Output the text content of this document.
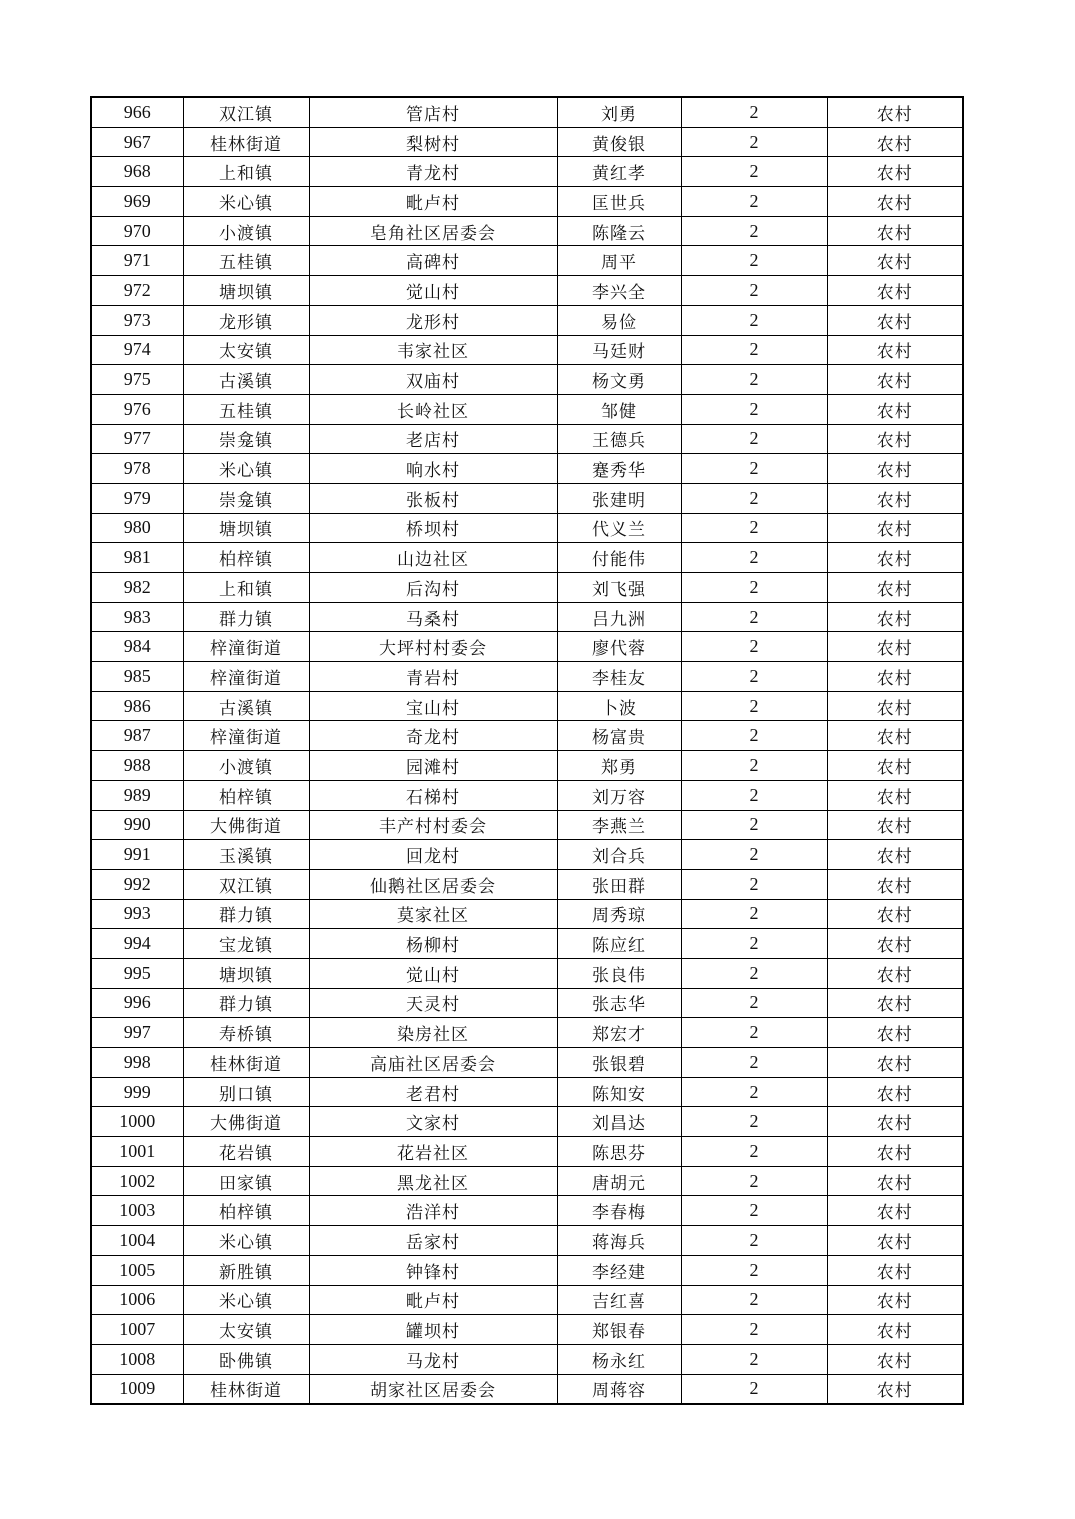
966	双江镇	管店村	刘勇	2	农村
967	桂林街道	梨树村	黄俊银	2	农村
968	上和镇	青龙村	黄红孝	2	农村
969	米心镇	毗卢村	匡世兵	2	农村
970	小渡镇	皂角社区居委会	陈隆云	2	农村
971	五桂镇	高碑村	周平	2	农村
972	塘坝镇	觉山村	李兴全	2	农村
973	龙形镇	龙形村	易俭	2	农村
974	太安镇	韦家社区	马廷财	2	农村
975	古溪镇	双庙村	杨文勇	2	农村
976	五桂镇	长岭社区	邹健	2	农村
977	崇龛镇	老店村	王德兵	2	农村
978	米心镇	响水村	蹇秀华	2	农村
979	崇龛镇	张板村	张建明	2	农村
980	塘坝镇	桥坝村	代义兰	2	农村
981	柏梓镇	山边社区	付能伟	2	农村
982	上和镇	后沟村	刘飞强	2	农村
983	群力镇	马桑村	吕九洲	2	农村
984	梓潼街道	大坪村村委会	廖代蓉	2	农村
985	梓潼街道	青岩村	李桂友	2	农村
986	古溪镇	宝山村	卜波	2	农村
987	梓潼街道	奇龙村	杨富贵	2	农村
988	小渡镇	园滩村	郑勇	2	农村
989	柏梓镇	石梯村	刘万容	2	农村
990	大佛街道	丰产村村委会	李燕兰	2	农村
991	玉溪镇	回龙村	刘合兵	2	农村
992	双江镇	仙鹅社区居委会	张田群	2	农村
993	群力镇	莫家社区	周秀琼	2	农村
994	宝龙镇	杨柳村	陈应红	2	农村
995	塘坝镇	觉山村	张良伟	2	农村
996	群力镇	天灵村	张志华	2	农村
997	寿桥镇	染房社区	郑宏才	2	农村
998	桂林街道	高庙社区居委会	张银碧	2	农村
999	别口镇	老君村	陈知安	2	农村
1000	大佛街道	文家村	刘昌达	2	农村
1001	花岩镇	花岩社区	陈思芬	2	农村
1002	田家镇	黑龙社区	唐胡元	2	农村
1003	柏梓镇	浩洋村	李春梅	2	农村
1004	米心镇	岳家村	蒋海兵	2	农村
1005	新胜镇	钟锋村	李经建	2	农村
1006	米心镇	毗卢村	吉红喜	2	农村
1007	太安镇	罐坝村	郑银春	2	农村
1008	卧佛镇	马龙村	杨永红	2	农村
1009	桂林街道	胡家社区居委会	周蒋容	2	农村
